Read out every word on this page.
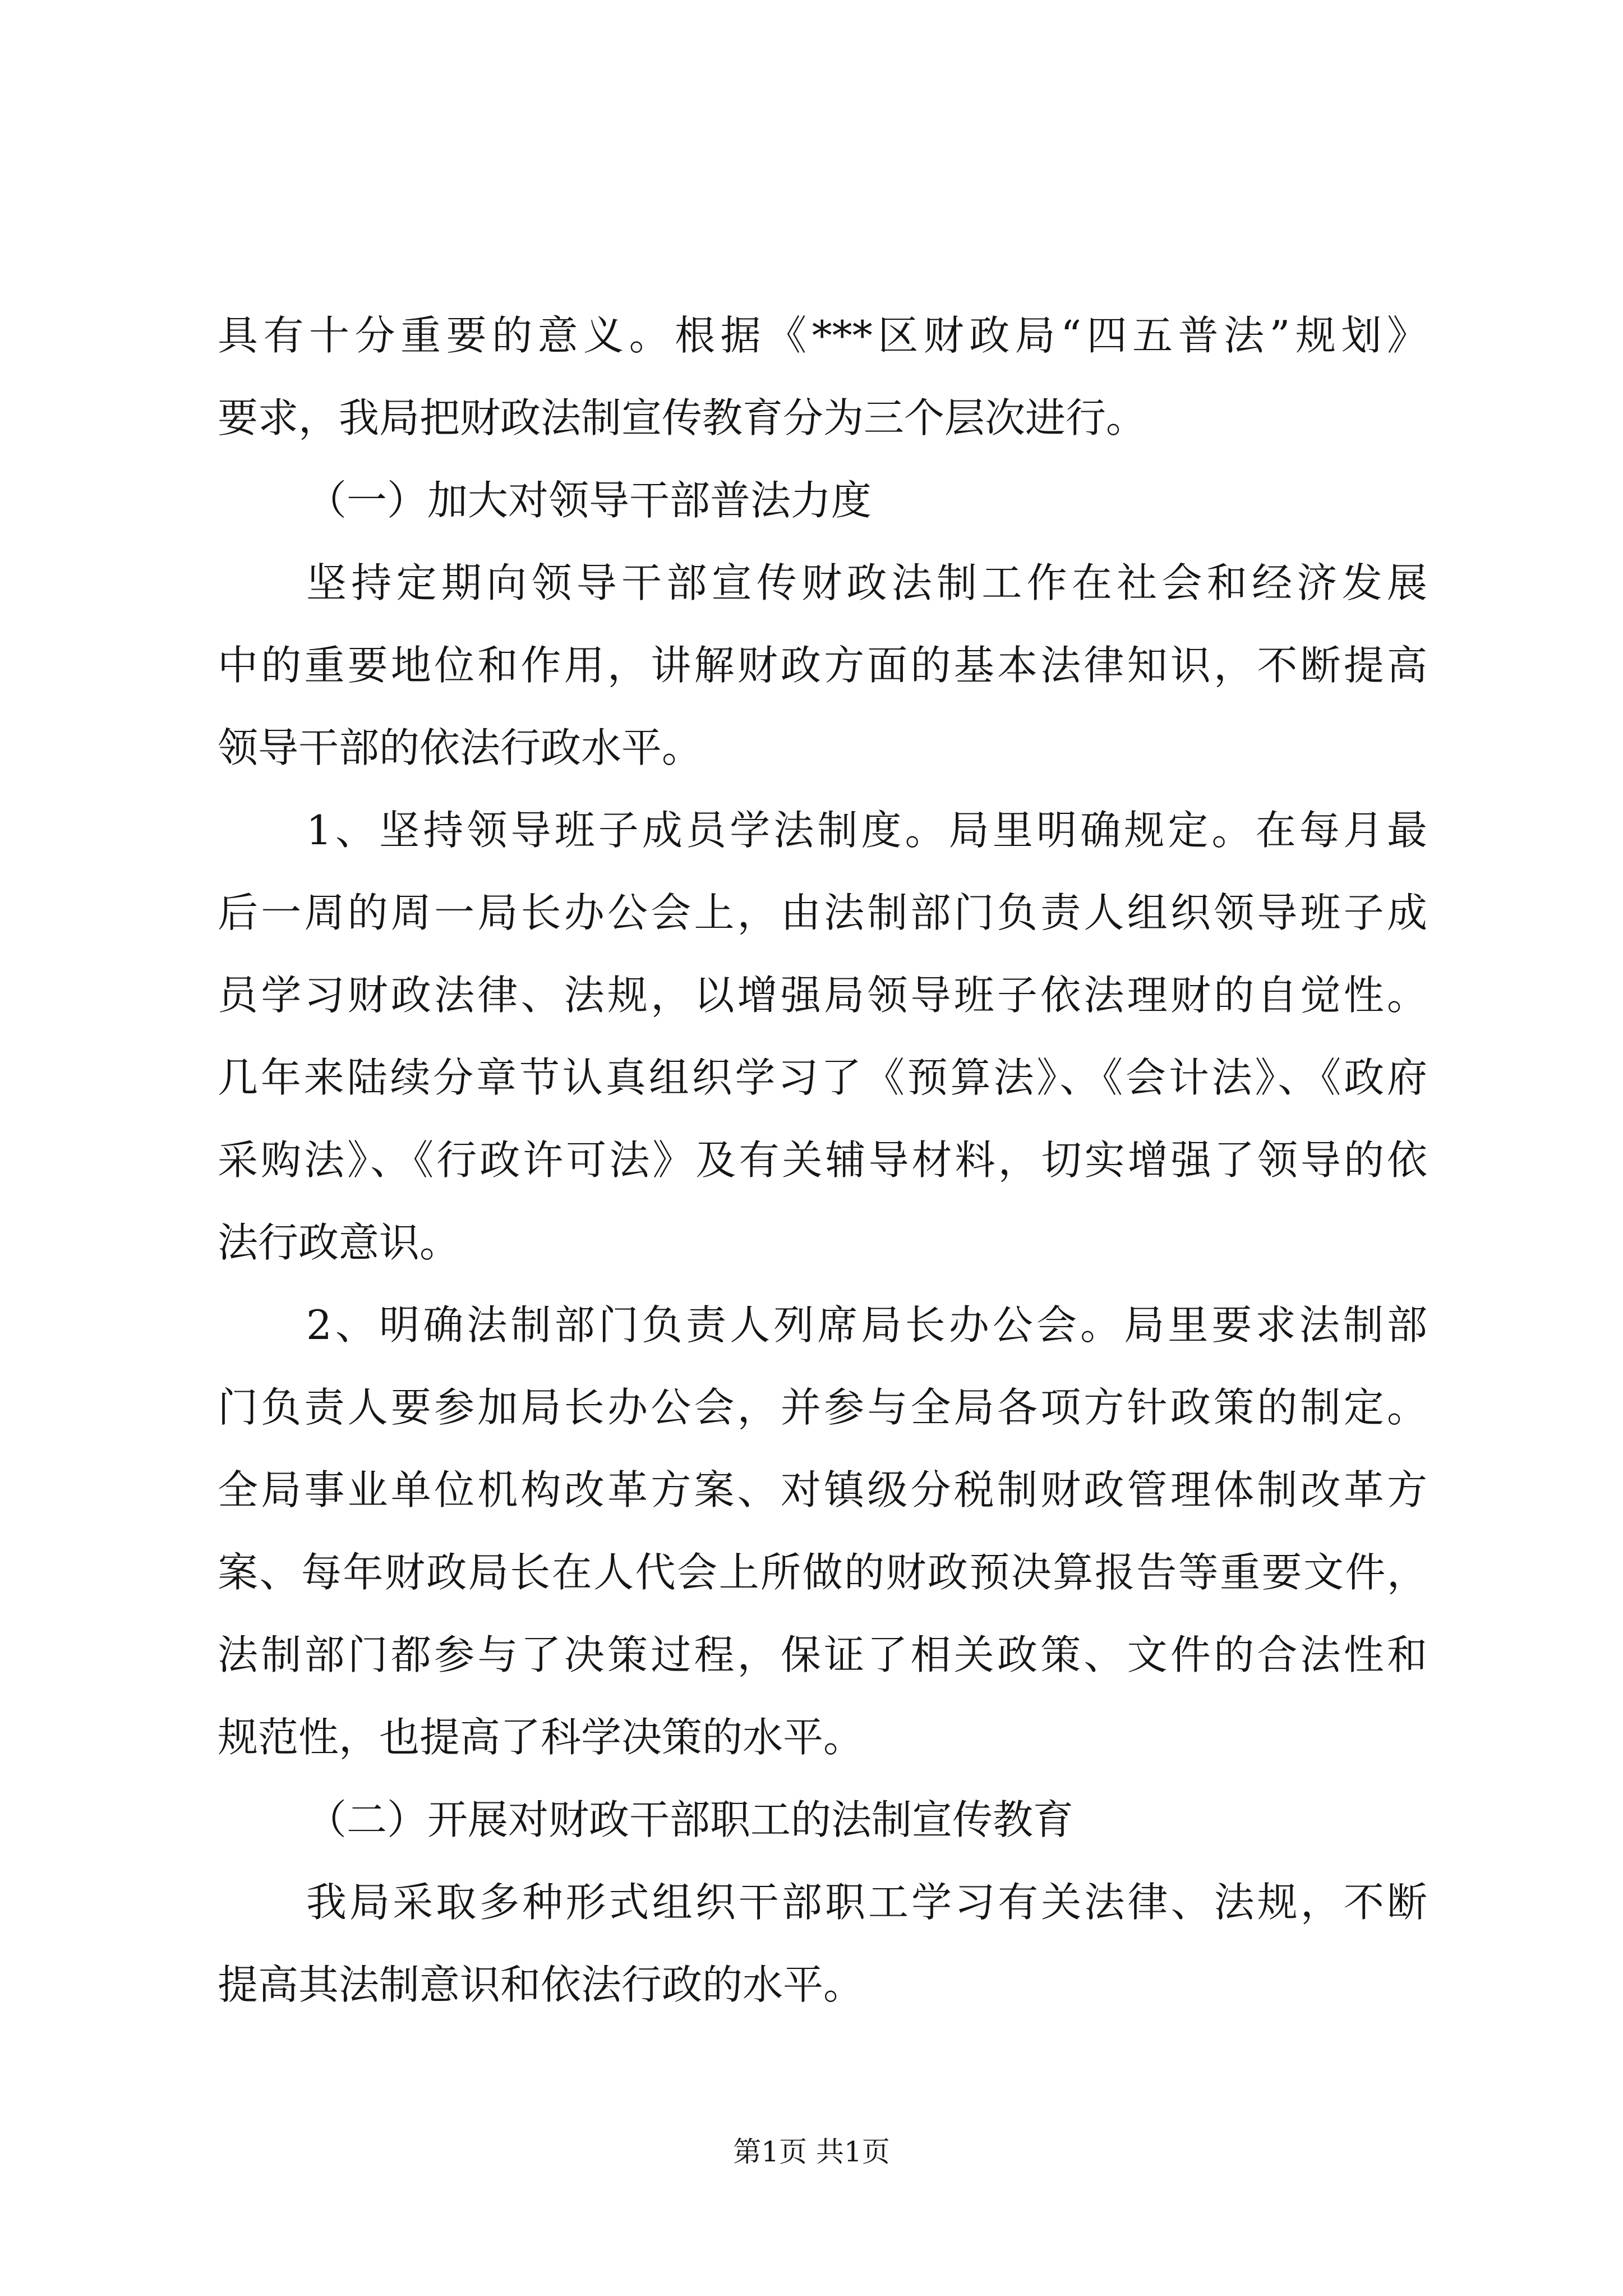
具有十分重要的意义。根据《***区财政局“四五普法”规划》
要求，我局把财政法制宣传教育分为三个层次进行。
（一）加大对领导干部普法力度
坚持定期向领导干部宣传财政法制工作在社会和经济发展
中的重要地位和作用，讲解财政方面的基本法律知识，不断提高
领导干部的依法行政水平。
1、坚持领导班子成员学法制度。局里明确规定。在每月最
后一周的周一局长办公会上，由法制部门负责人组织领导班子成
员学习财政法律、法规，以增强局领导班子依法理财的自觉性。
几年来陆续分章节认真组织学习了《预算法》、《会计法》、《政府
采购法》、《行政许可法》及有关辅导材料，切实增强了领导的依
法行政意识。
2、明确法制部门负责人列席局长办公会。局里要求法制部
门负责人要参加局长办公会，并参与全局各项方针政策的制定。
全局事业单位机构改革方案、对镇级分税制财政管理体制改革方
案、每年财政局长在人代会上所做的财政预决算报告等重要文件，
法制部门都参与了决策过程，保证了相关政策、文件的合法性和
规范性，也提高了科学决策的水平。
（二）开展对财政干部职工的法制宣传教育
我局采取多种形式组织干部职工学习有关法律、法规，不断
提高其法制意识和依法行政的水平。
第1页 共1页
